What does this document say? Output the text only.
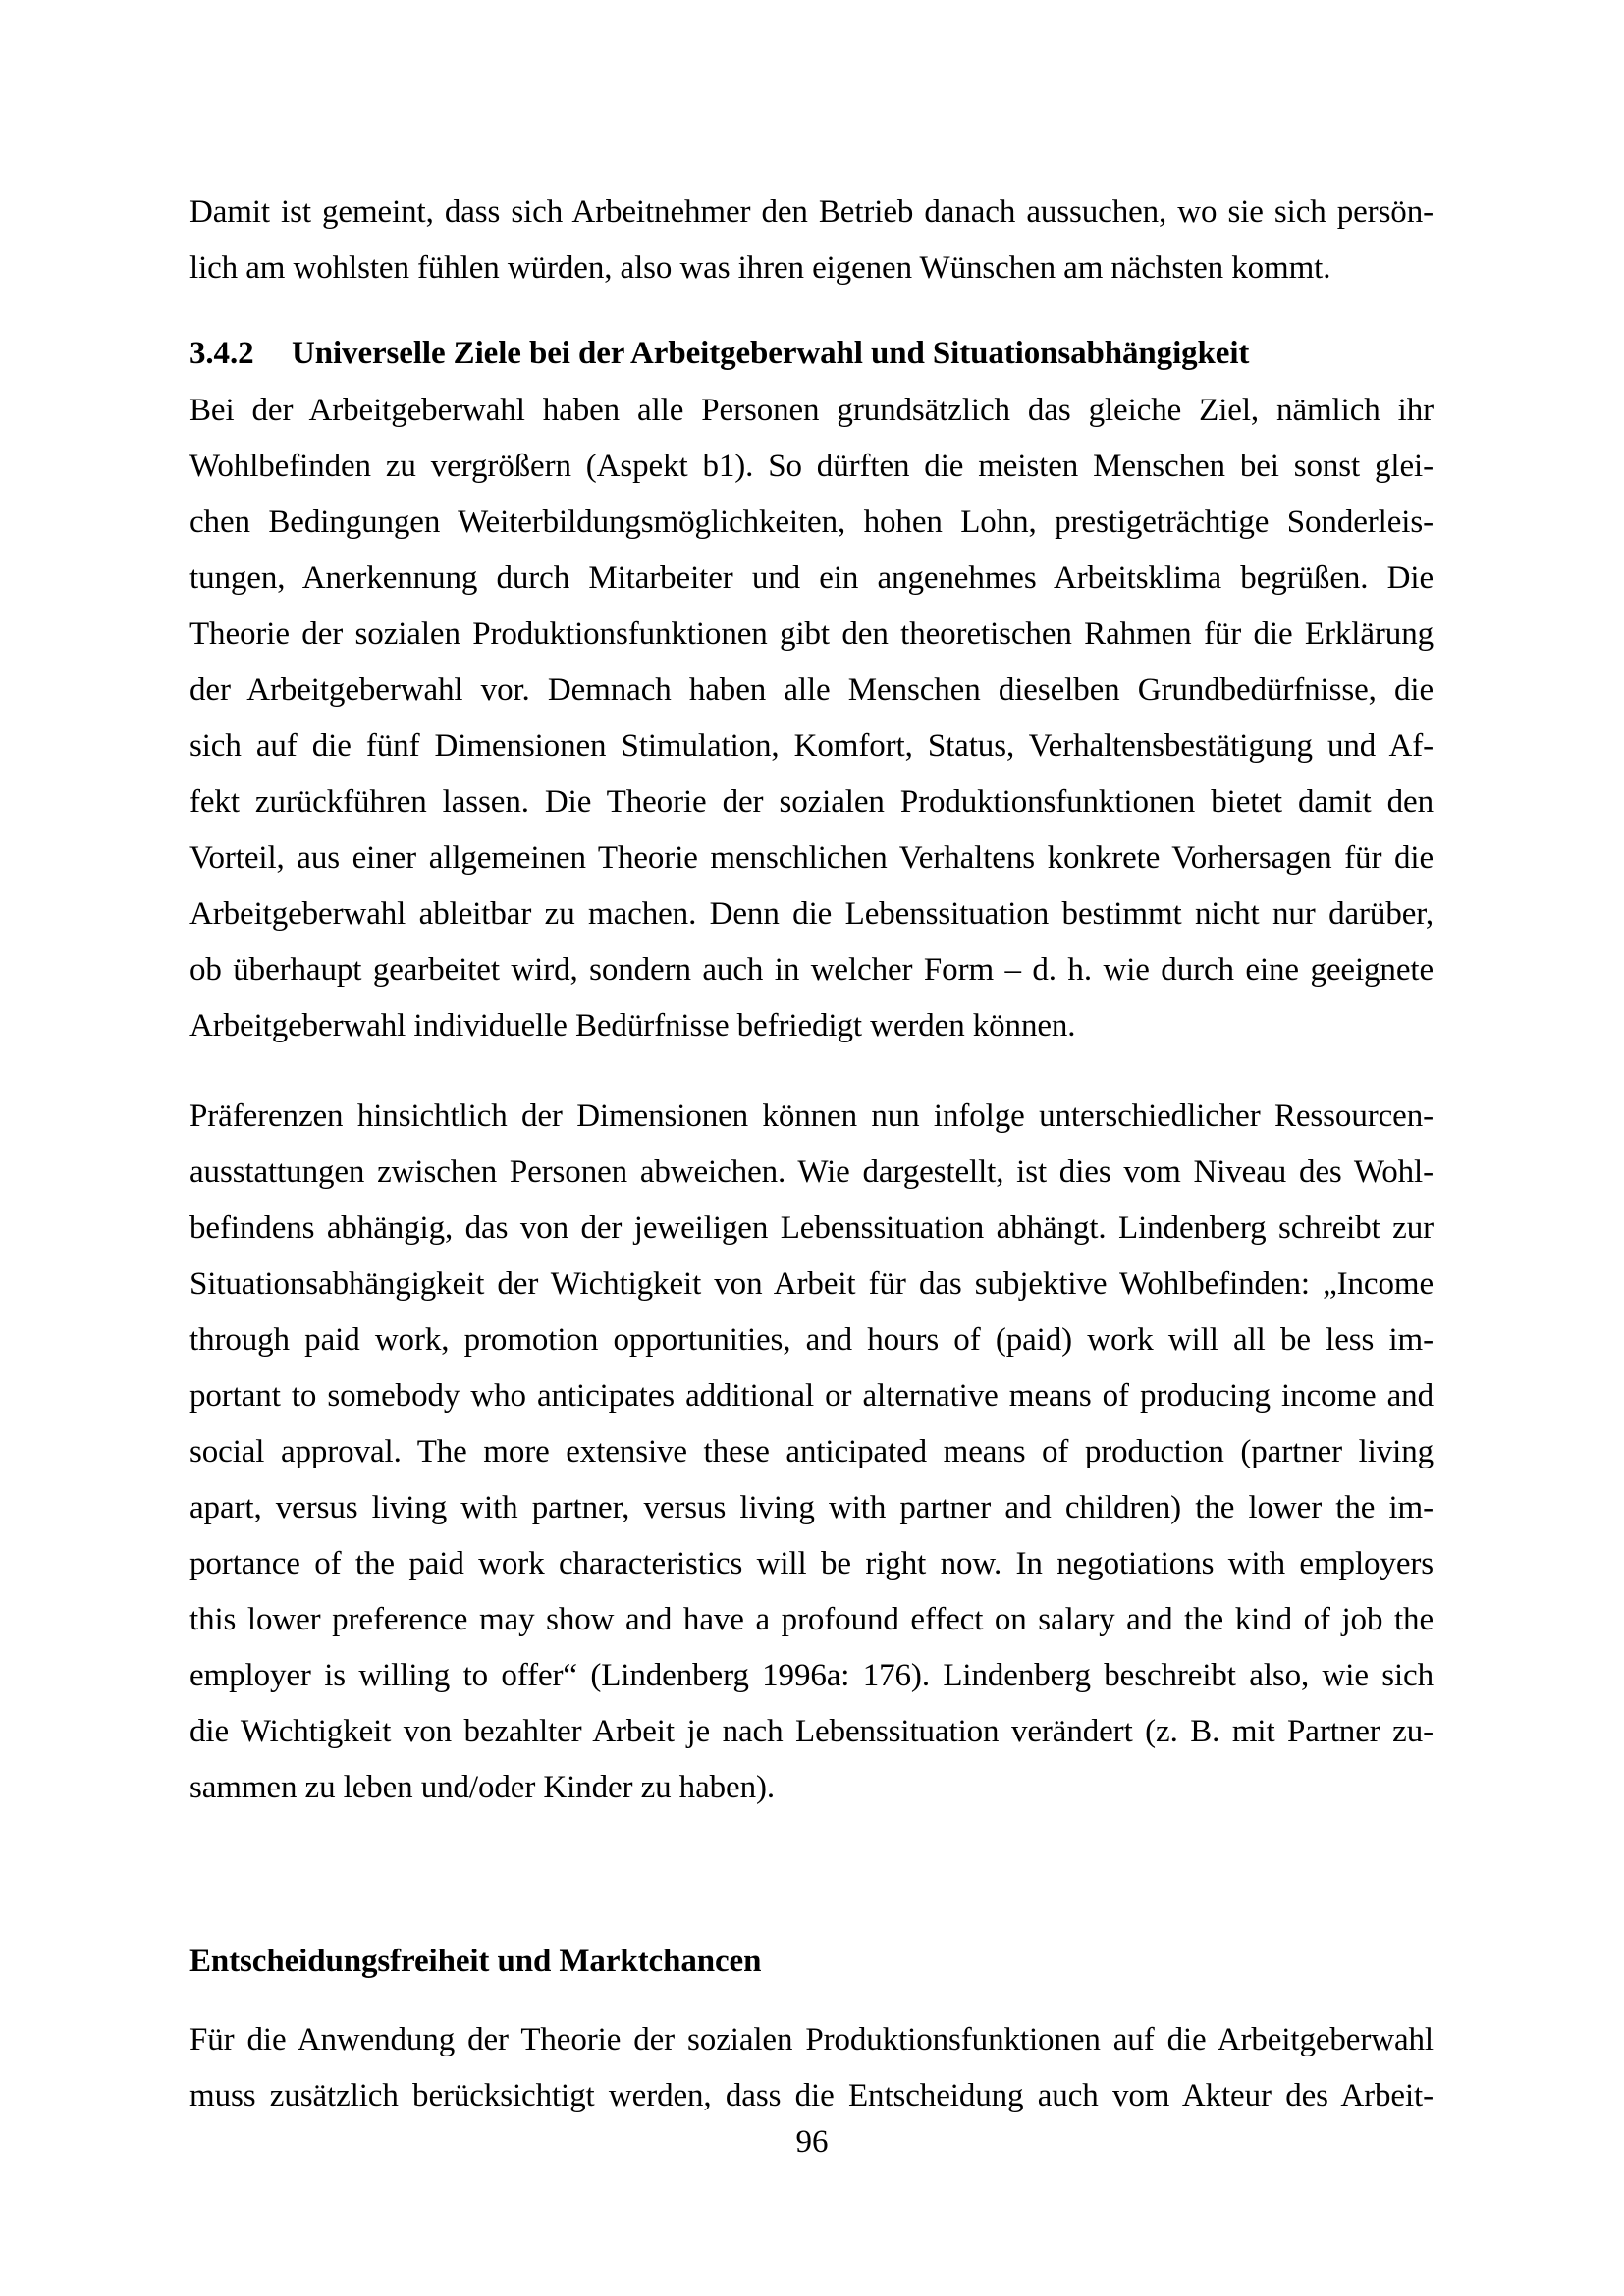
Damit ist gemeint, dass sich Arbeitnehmer den Betrieb danach aussuchen, wo sie sich persön-
lich am wohlsten fühlen würden, also was ihren eigenen Wünschen am nächsten kommt.
3.4.2 Universelle Ziele bei der Arbeitgeberwahl und Situationsabhängigkeit
Bei der Arbeitgeberwahl haben alle Personen grundsätzlich das gleiche Ziel, nämlich ihr
Wohlbefinden zu vergrößern (Aspekt b1). So dürften die meisten Menschen bei sonst glei-
chen Bedingungen Weiterbildungsmöglichkeiten, hohen Lohn, prestigeträchtige Sonderleis-
tungen, Anerkennung durch Mitarbeiter und ein angenehmes Arbeitsklima begrüßen. Die
Theorie der sozialen Produktionsfunktionen gibt den theoretischen Rahmen für die Erklärung
der Arbeitgeberwahl vor. Demnach haben alle Menschen dieselben Grundbedürfnisse, die
sich auf die fünf Dimensionen Stimulation, Komfort, Status, Verhaltensbestätigung und Af-
fekt zurückführen lassen. Die Theorie der sozialen Produktionsfunktionen bietet damit den
Vorteil, aus einer allgemeinen Theorie menschlichen Verhaltens konkrete Vorhersagen für die
Arbeitgeberwahl ableitbar zu machen. Denn die Lebenssituation bestimmt nicht nur darüber,
ob überhaupt gearbeitet wird, sondern auch in welcher Form – d. h. wie durch eine geeignete
Arbeitgeberwahl individuelle Bedürfnisse befriedigt werden können.
Präferenzen hinsichtlich der Dimensionen können nun infolge unterschiedlicher Ressourcen-
ausstattungen zwischen Personen abweichen. Wie dargestellt, ist dies vom Niveau des Wohl-
befindens abhängig, das von der jeweiligen Lebenssituation abhängt. Lindenberg schreibt zur
Situationsabhängigkeit der Wichtigkeit von Arbeit für das subjektive Wohlbefinden: „Income
through paid work, promotion opportunities, and hours of (paid) work will all be less im-
portant to somebody who anticipates additional or alternative means of producing income and
social approval. The more extensive these anticipated means of production (partner living
apart, versus living with partner, versus living with partner and children) the lower the im-
portance of the paid work characteristics will be right now. In negotiations with employers
this lower preference may show and have a profound effect on salary and the kind of job the
employer is willing to offer“ (Lindenberg 1996a: 176). Lindenberg beschreibt also, wie sich
die Wichtigkeit von bezahlter Arbeit je nach Lebenssituation verändert (z. B. mit Partner zu-
sammen zu leben und/oder Kinder zu haben).
Entscheidungsfreiheit und Marktchancen
Für die Anwendung der Theorie der sozialen Produktionsfunktionen auf die Arbeitgeberwahl
muss zusätzlich berücksichtigt werden, dass die Entscheidung auch vom Akteur des Arbeit-
96
